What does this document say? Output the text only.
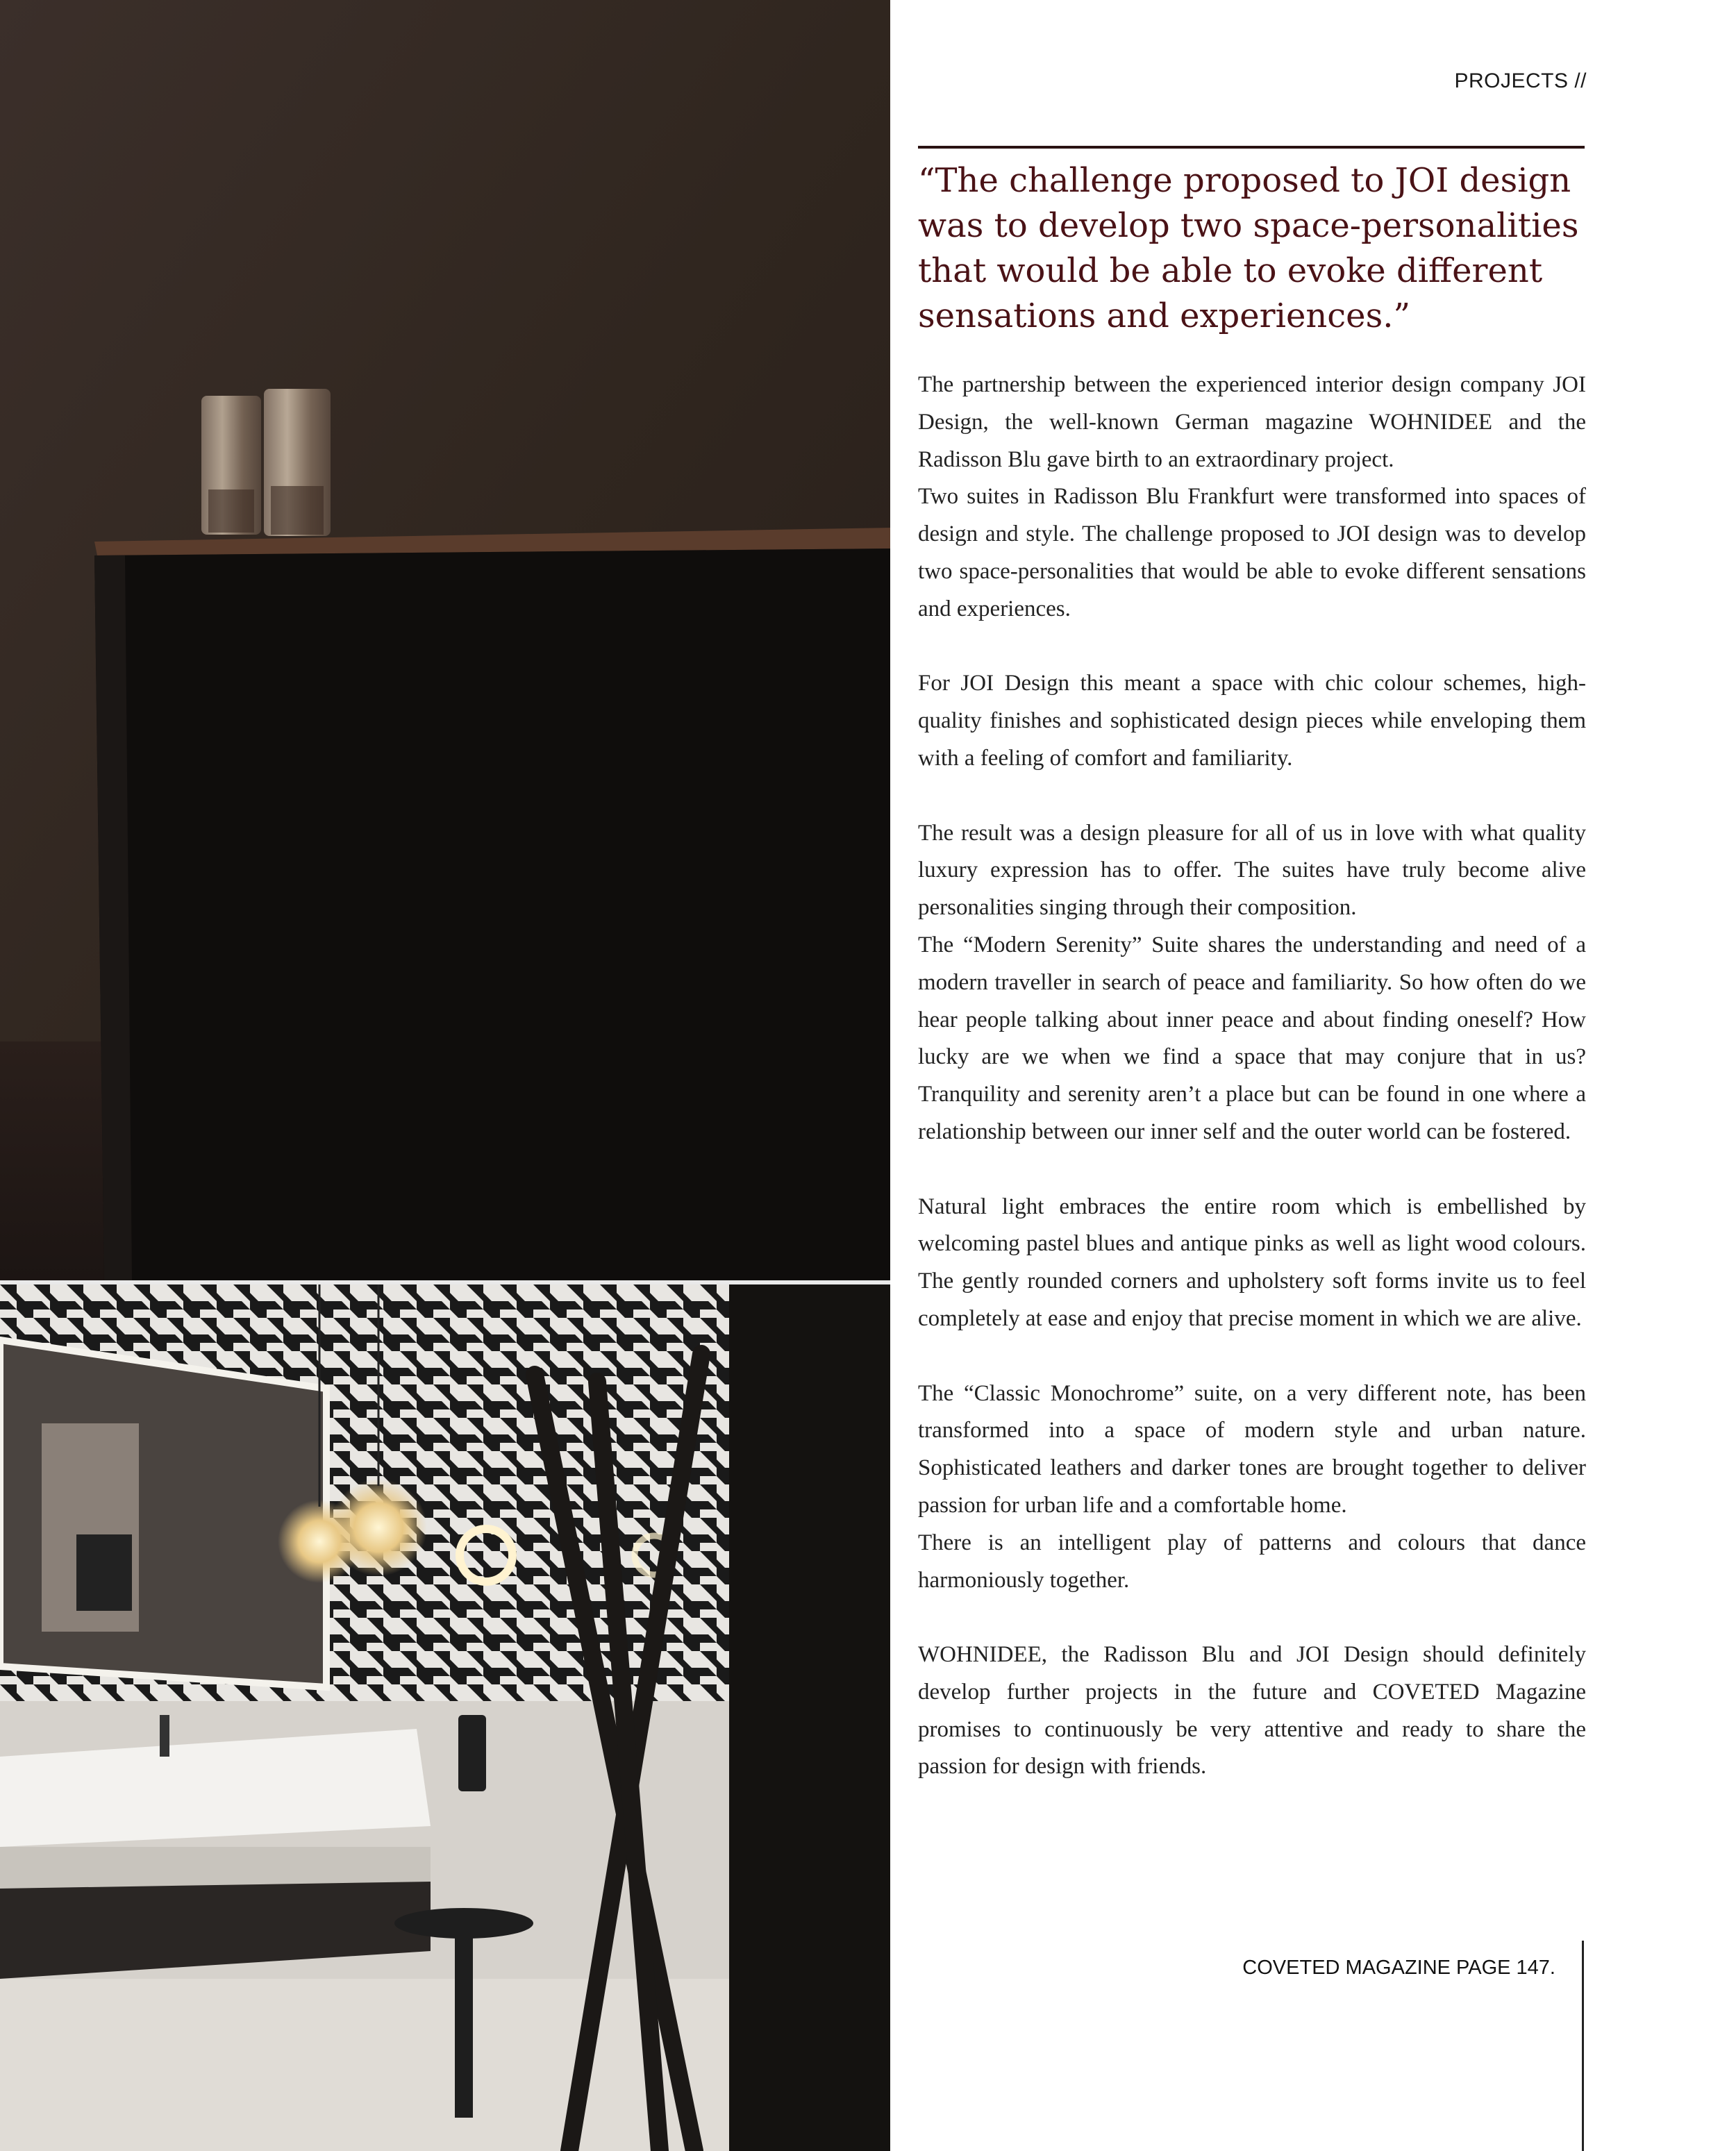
PROJECTS //
“The challenge proposed to JOI design was to develop two space-personalities that would be able to evoke different sensations and experiences.”

The partnership between the experienced interior design company JOI Design, the well-known German magazine WOHNIDEE and the Radisson Blu gave birth to an extraordinary project.

Two suites in Radisson Blu Frankfurt were transformed into spaces of design and style. The challenge proposed to JOI design was to develop two space-personalities that would be able to evoke different sensations and experiences.

For JOI Design this meant a space with chic colour schemes, high-quality finishes and sophisticated design pieces while enveloping them with a feeling of comfort and familiarity.

The result was a design pleasure for all of us in love with what quality luxury expression has to offer. The suites have truly become alive personalities singing through their composition.

The “Modern Serenity” Suite shares the understanding and need of a modern traveller in search of peace and familiarity. So how often do we hear people talking about inner peace and about finding oneself? How lucky are we when we find a space that may conjure that in us? Tranquility and serenity aren’t a place but can be found in one where a relationship between our inner self and the outer world can be fostered.

Natural light embraces the entire room which is embellished by welcoming pastel blues and antique pinks as well as light wood colours. The gently rounded corners and upholstery soft forms invite us to feel completely at ease and enjoy that precise moment in which we are alive.

The “Classic Monochrome” suite, on a very different note, has been transformed into a space of modern style and urban nature. Sophisticated leathers and darker tones are brought together to deliver passion for urban life and a comfortable home.

There is an intelligent play of patterns and colours that dance harmoniously together.

WOHNIDEE, the Radisson Blu and JOI Design should definitely develop further projects in the future and COVETED Magazine promises to continuously be very attentive and ready to share the passion for design with friends.

COVETED MAGAZINE PAGE 147.
